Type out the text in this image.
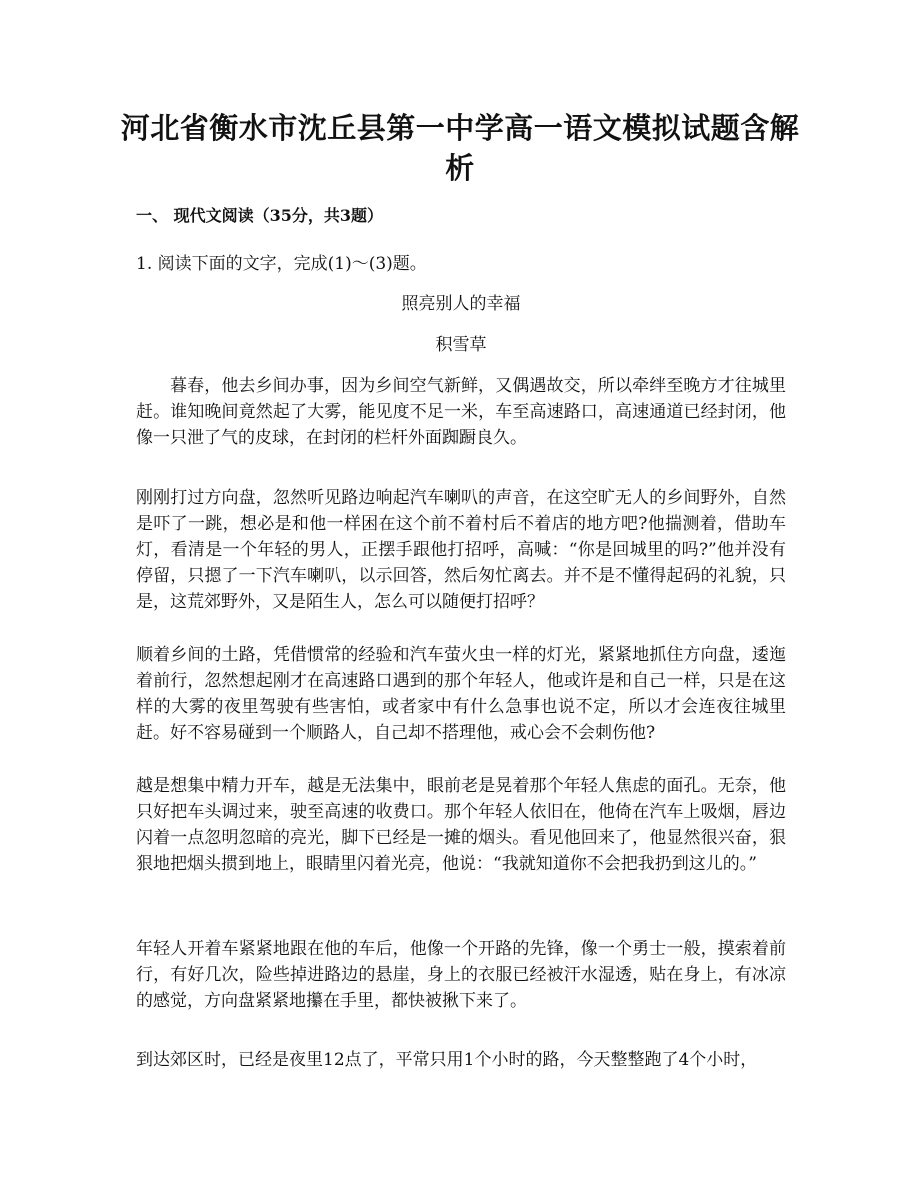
河北省衡水市沈丘县第一中学高一语文模拟试题含解析
一、 现代文阅读（35分，共3题）

1. 阅读下面的文字，完成(1)～(3)题。

照亮别人的幸福

积雪草

暮春，他去乡间办事，因为乡间空气新鲜，又偶遇故交，所以牵绊至晚方才往城里赶。谁知晚间竟然起了大雾，能见度不足一米，车至高速路口，高速通道已经封闭，他像一只泄了气的皮球，在封闭的栏杆外面踟蹰良久。

刚刚打过方向盘，忽然听见路边响起汽车喇叭的声音，在这空旷无人的乡间野外，自然是吓了一跳，想必是和他一样困在这个前不着村后不着店的地方吧?他揣测着，借助车灯，看清是一个年轻的男人，正摆手跟他打招呼，高喊：“你是回城里的吗?”他并没有停留，只摁了一下汽车喇叭，以示回答，然后匆忙离去。并不是不懂得起码的礼貌，只是，这荒郊野外，又是陌生人，怎么可以随便打招呼？

顺着乡间的土路，凭借惯常的经验和汽车萤火虫一样的灯光，紧紧地抓住方向盘，逶迤着前行，忽然想起刚才在高速路口遇到的那个年轻人，他或许是和自己一样，只是在这样的大雾的夜里驾驶有些害怕，或者家中有什么急事也说不定，所以才会连夜往城里赶。好不容易碰到一个顺路人，自己却不搭理他，戒心会不会刺伤他?

越是想集中精力开车，越是无法集中，眼前老是晃着那个年轻人焦虑的面孔。无奈，他只好把车头调过来，驶至高速的收费口。那个年轻人依旧在，他倚在汽车上吸烟，唇边闪着一点忽明忽暗的亮光，脚下已经是一摊的烟头。看见他回来了，他显然很兴奋，狠狠地把烟头掼到地上，眼睛里闪着光亮，他说：“我就知道你不会把我扔到这儿的。”

年轻人开着车紧紧地跟在他的车后，他像一个开路的先锋，像一个勇士一般，摸索着前行，有好几次，险些掉进路边的悬崖，身上的衣服已经被汗水湿透，贴在身上，有冰凉的感觉，方向盘紧紧地攥在手里，都快被揪下来了。

到达郊区时，已经是夜里12点了，平常只用1个小时的路，今天整整跑了4个小时，
